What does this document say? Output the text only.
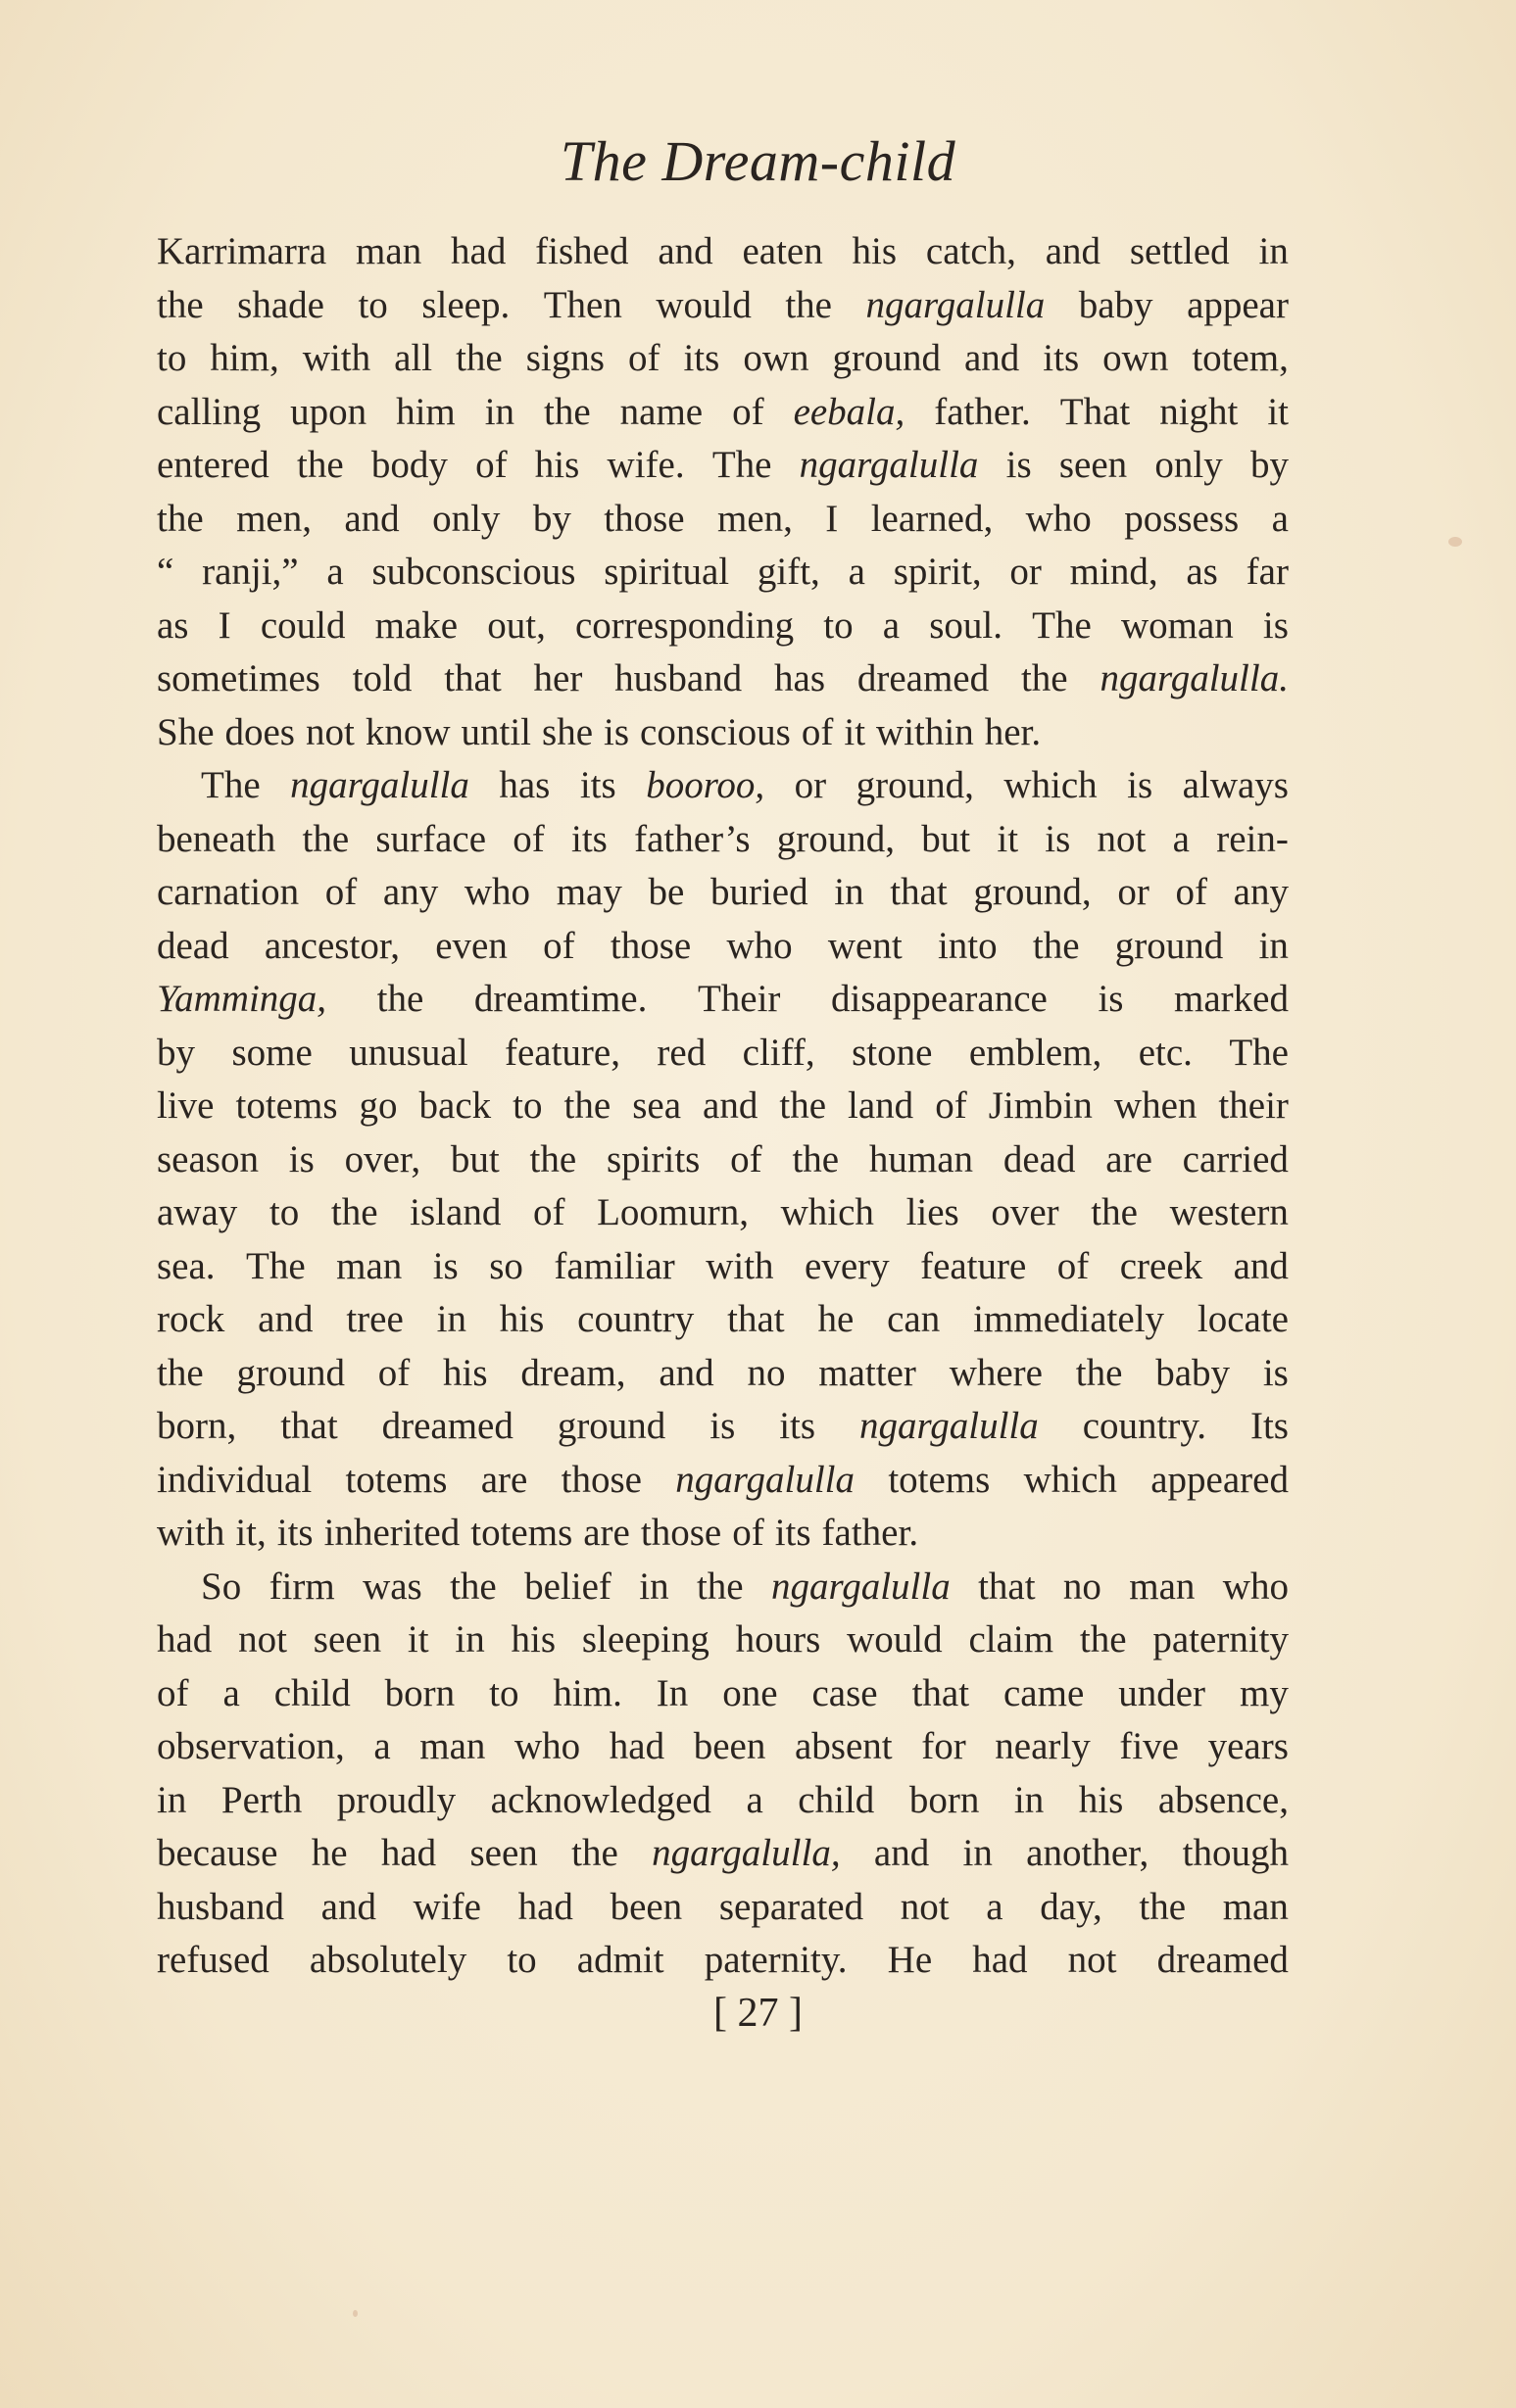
The Dream-child
Karrimarra man had fished and eaten his catch, and settled in
the shade to sleep. Then would the ngargalulla baby appear
to him, with all the signs of its own ground and its own totem,
calling upon him in the name of eebala, father. That night it
entered the body of his wife. The ngargalulla is seen only by
the men, and only by those men, I learned, who possess a
“ ranji,” a subconscious spiritual gift, a spirit, or mind, as far
as I could make out, corresponding to a soul. The woman is
sometimes told that her husband has dreamed the ngargalulla.
She does not know until she is conscious of it within her.
The ngargalulla has its booroo, or ground, which is always
beneath the surface of its father’s ground, but it is not a rein-
carnation of any who may be buried in that ground, or of any
dead ancestor, even of those who went into the ground in
Yamminga, the dreamtime. Their disappearance is marked
by some unusual feature, red cliff, stone emblem, etc. The
live totems go back to the sea and the land of Jimbin when their
season is over, but the spirits of the human dead are carried
away to the island of Loomurn, which lies over the western
sea. The man is so familiar with every feature of creek and
rock and tree in his country that he can immediately locate
the ground of his dream, and no matter where the baby is
born, that dreamed ground is its ngargalulla country. Its
individual totems are those ngargalulla totems which appeared
with it, its inherited totems are those of its father.
So firm was the belief in the ngargalulla that no man who
had not seen it in his sleeping hours would claim the paternity
of a child born to him. In one case that came under my
observation, a man who had been absent for nearly five years
in Perth proudly acknowledged a child born in his absence,
because he had seen the ngargalulla, and in another, though
husband and wife had been separated not a day, the man
refused absolutely to admit paternity. He had not dreamed
[ 27 ]
